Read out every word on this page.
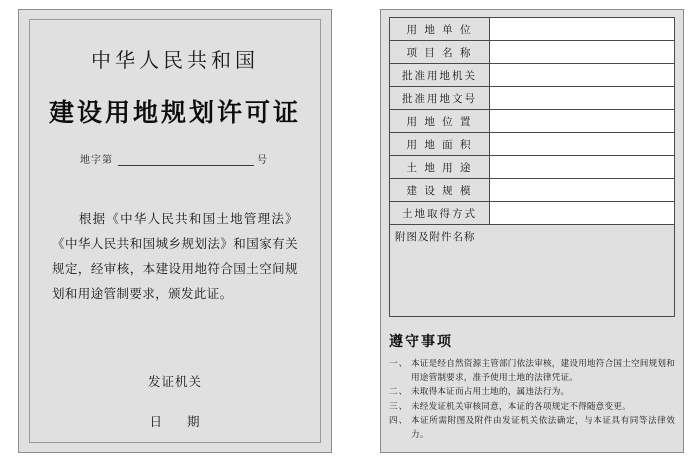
中华人民共和国
建设用地规划许可证
地字第	号
根据《中华人民共和国土地管理法》《中华人民共和国城乡规划法》和国家有关规定，经审核，本建设用地符合国土空间规划和用途管制要求，颁发此证。
发证机关
日 期
用 地 单 位	
项 目 名 称	
批准用地机关	
批准用地文号	
用 地 位 置	
用 地 面 积	
土 地 用 途	
建 设 规 模	
土地取得方式	
附图及附件名称
遵守事项
一、 本证是经自然资源主管部门依法审核，建设用地符合国土空间规划和用途管制要求，准予使用土地的法律凭证。
二、 未取得本证而占用土地的，属违法行为。
三、 未经发证机关审核同意，本证的各项规定不得随意变更。
四、 本证所需附图及附件由发证机关依法确定，与本证具有同等法律效力。
